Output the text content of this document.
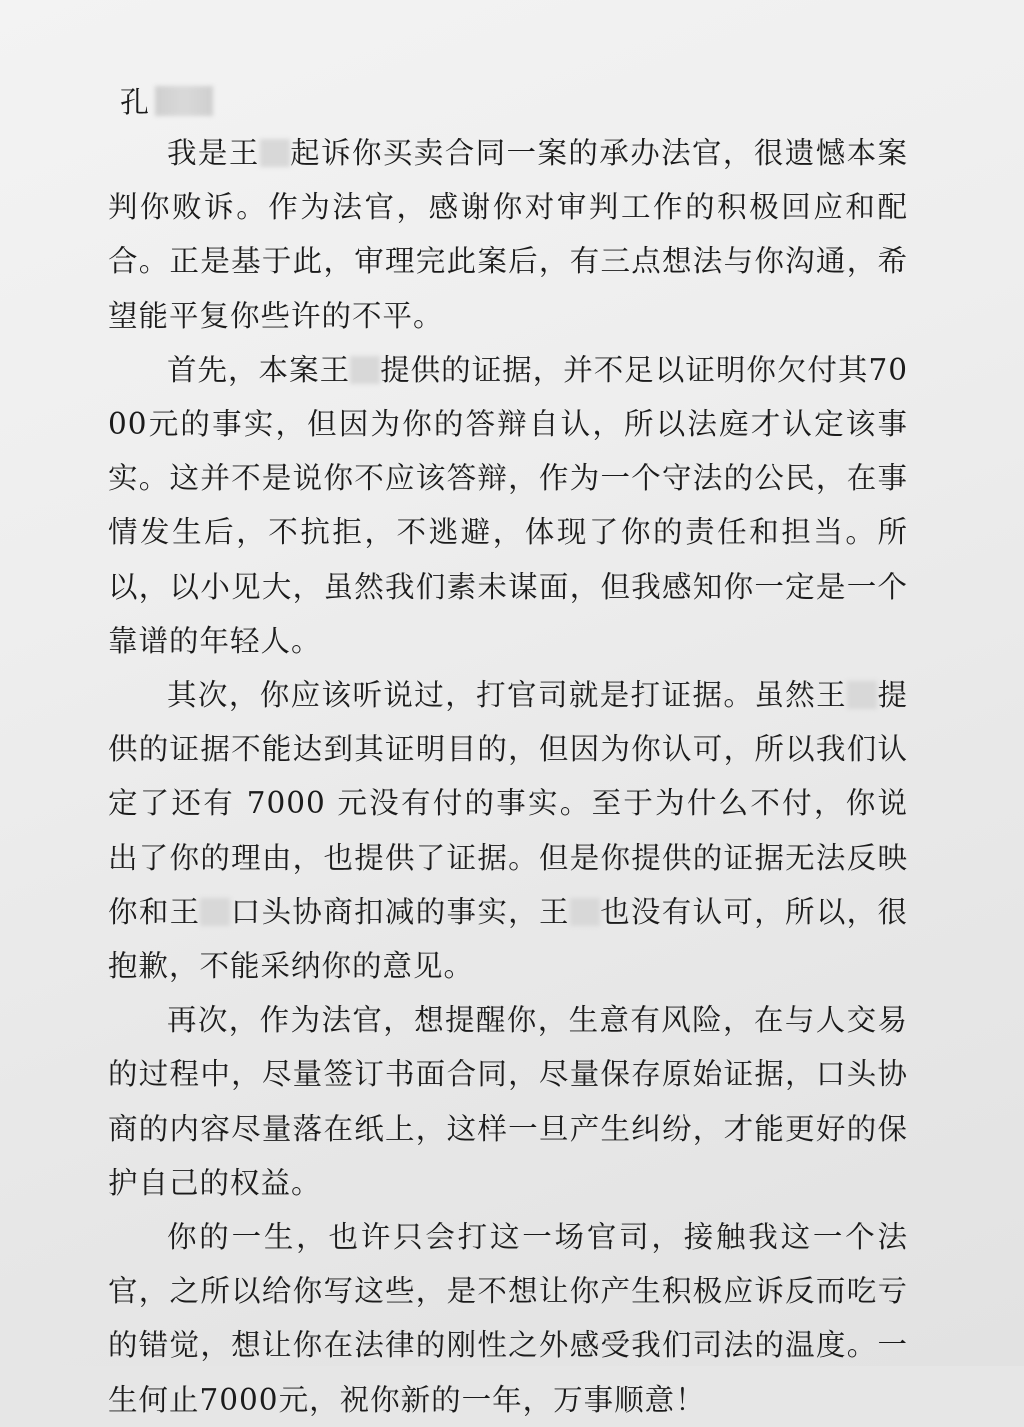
孔

我是王 起诉你买卖合同一案的承办法官，很遗憾本案判你败诉。作为法官，感谢你对审判工作的积极回应和配合。正是基于此，审理完此案后，有三点想法与你沟通，希望能平复你些许的不平。

首先，本案王 提供的证据，并不足以证明你欠付其7000元的事实，但因为你的答辩自认，所以法庭才认定该事实。这并不是说你不应该答辩，作为一个守法的公民，在事情发生后，不抗拒，不逃避，体现了你的责任和担当。所以，以小见大，虽然我们素未谋面，但我感知你一定是一个靠谱的年轻人。

其次，你应该听说过，打官司就是打证据。虽然王 提供的证据不能达到其证明目的，但因为你认可，所以我们认定了还有 7000 元没有付的事实。至于为什么不付，你说出了你的理由，也提供了证据。但是你提供的证据无法反映你和王 口头协商扣减的事实，王 也没有认可，所以，很抱歉，不能采纳你的意见。

再次，作为法官，想提醒你，生意有风险，在与人交易的过程中，尽量签订书面合同，尽量保存原始证据，口头协商的内容尽量落在纸上，这样一旦产生纠纷，才能更好的保护自己的权益。

你的一生，也许只会打这一场官司，接触我这一个法官，之所以给你写这些，是不想让你产生积极应诉反而吃亏的错觉，想让你在法律的刚性之外感受我们司法的温度。一生何止7000元，祝你新的一年，万事顺意！
